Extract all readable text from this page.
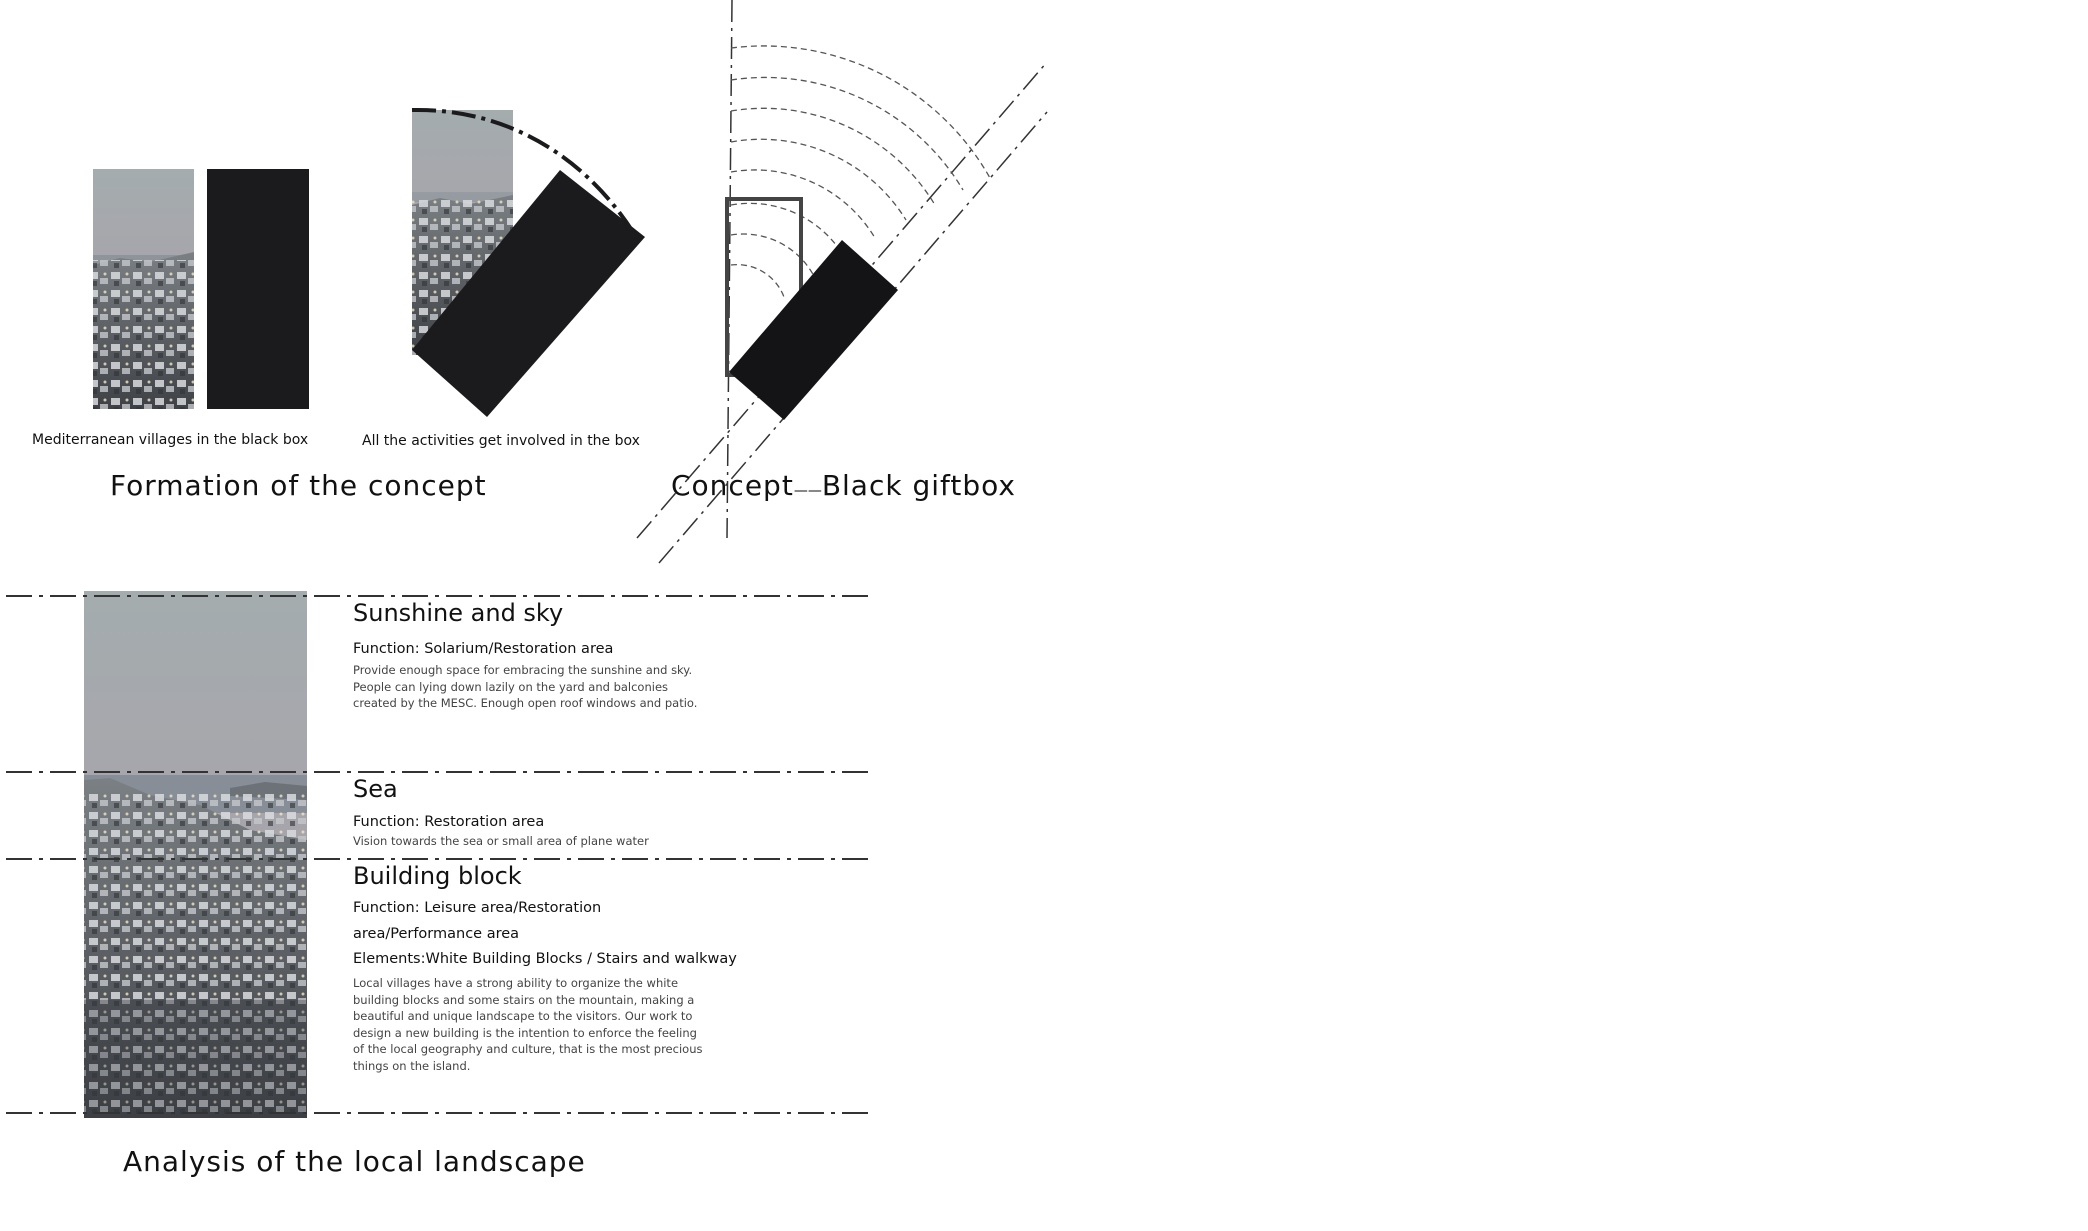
Mediterranean villages in the black box	All the activities get involved in the box
Formation of the concept	Concept——Black giftbox
Sunshine and sky
Function: Solarium/Restoration area
Provide enough space for embracing the sunshine and sky.
People can lying down lazily on the yard and balconies
created by the MESC. Enough open roof windows and patio.
Sea
Function: Restoration area
Vision towards the sea or small area of plane water
Building block
Function: Leisure area/Restoration
area/Performance area
Elements:White Building Blocks / Stairs and walkway
Local villages have a strong ability to organize the white
building blocks and some stairs on the mountain, making a
beautiful and unique landscape to the visitors. Our work to
design a new building is the intention to enforce the feeling
of the local geography and culture, that is the most precious
things on the island.
Analysis of the local landscape
